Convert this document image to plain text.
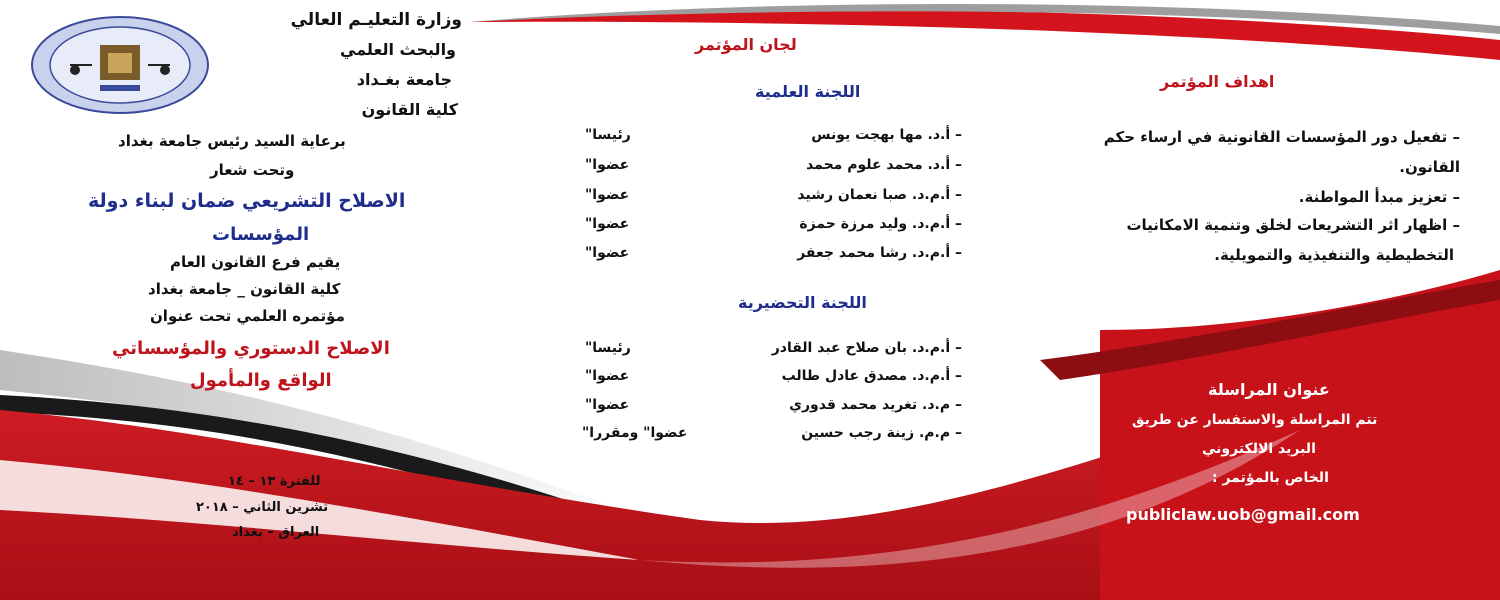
وزارة التعليـم العالي
والبحث العلمي
جامعة بغـداد
كلية القانون
برعاية السيد رئيس جامعة بغداد
وتحت شعار
الاصلاح التشريعي ضمان لبناء دولة
المؤسسات
يقيم فرع القانون العام
كلية القانون _ جامعة بغداد
مؤتمره العلمي تحت عنوان
الاصلاح الدستوري والمؤسساتي
الواقع والمأمول
للفترة ١٣ – ١٤
تشرين الثاني – ٢٠١٨
العراق – بغداد
لجان المؤتمر
اللجنة العلمية
– أ.د. مها بهجت يونس
رئيسا"
– أ.د. محمد علوم محمد
عضوا"
– أ.م.د. صبا نعمان رشيد
عضوا"
– أ.م.د. وليد مرزة حمزة
عضوا"
– أ.م.د. رشا محمد جعفر
عضوا"
اللجنة التحضيرية
– أ.م.د. بان صلاح عبد القادر
رئيسا"
– أ.م.د. مصدق عادل طالب
عضوا"
– م.د. تغريد محمد قدوري
عضوا"
– م.م. زينة رجب حسين
عضوا" ومقررا"
اهداف المؤتمر
– تفعيل دور المؤسسات القانونية في ارساء حكم
القانون.
– تعزيز مبدأ المواطنة.
– اظهار اثر التشريعات لخلق وتنمية الامكانيات
التخطيطية والتنفيذية والتمويلية.
عنوان المراسلة
تتم المراسلة والاستفسار عن طريق
البريد الالكتروني
الخاص بالمؤتمر :
publiclaw.uob@gmail.com
